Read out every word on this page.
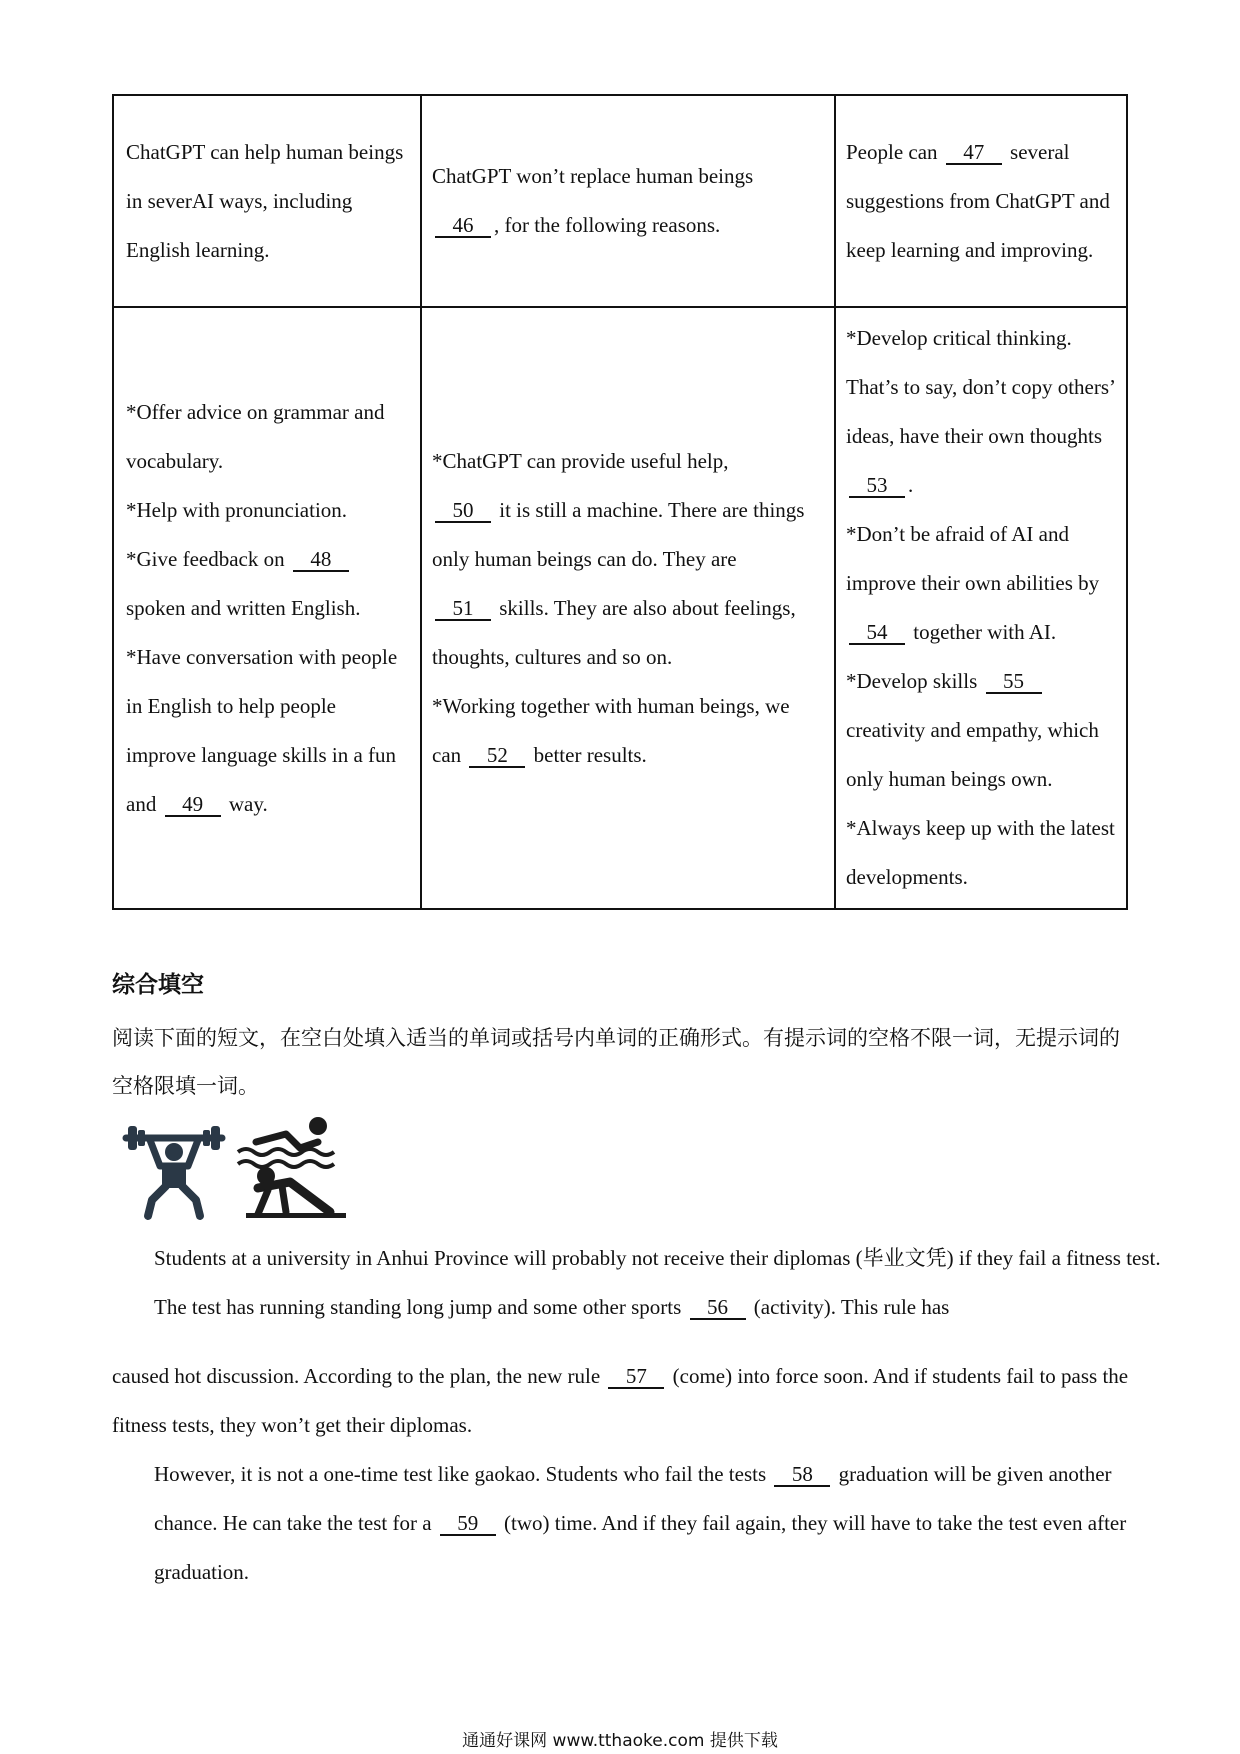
ChatGPT can help human beings in severAI ways, including English learning.

ChatGPT won’t replace human beings
46 , for the following reasons.

People can 47 several suggestions from ChatGPT and keep learning and improving.

*Offer advice on grammar and vocabulary.
*Help with pronunciation.
*Give feedback on 48 spoken and written English.
*Have conversation with people in English to help people improve language skills in a fun and 49 way.

*ChatGPT can provide useful help,
50 it is still a machine. There are things only human beings can do. They are
51 skills. They are also about feelings, thoughts, cultures and so on.
*Working together with human beings, we can 52 better results.

*Develop critical thinking. That’s to say, don’t copy others’ ideas, have their own thoughts 53 .
*Don’t be afraid of AI and improve their own abilities by 54 together with AI.
*Develop skills 55 creativity and empathy, which only human beings own.
*Always keep up with the latest developments.

综合填空
阅读下面的短文，在空白处填入适当的单词或括号内单词的正确形式。有提示词的空格不限一词，无提示词的空格限填一词。
Students at a university in Anhui Province will probably not receive their diplomas (毕业文凭) if they fail a fitness test. The test has running standing long jump and some other sports 56 (activity). This rule has
caused hot discussion. According to the plan, the new rule 57 (come) into force soon. And if students fail to pass the fitness tests, they won’t get their diplomas.
However, it is not a one-time test like gaokao. Students who fail the tests 58 graduation will be given another chance. He can take the test for a 59 (two) time. And if they fail again, they will have to take the test even after graduation.
通通好课网 www.tthaoke.com 提供下载
